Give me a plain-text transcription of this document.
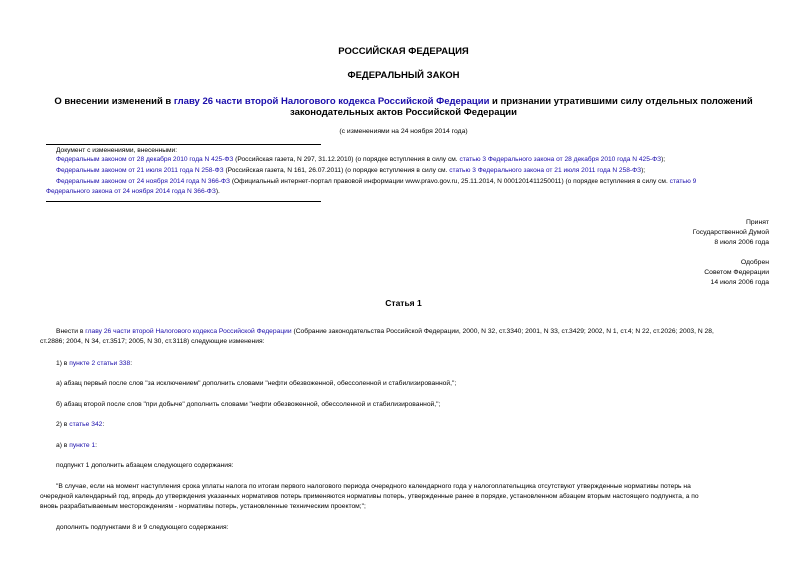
РОССИЙСКАЯ ФЕДЕРАЦИЯ
ФЕДЕРАЛЬНЫЙ ЗАКОН
О внесении изменений в главу 26 части второй Налогового кодекса Российской Федерации и признании утратившими силу отдельных положений
законодательных актов Российской Федерации
(с изменениями на 24 ноября 2014 года)
Документ с изменениями, внесенными:
Федеральным законом от 28 декабря 2010 года N 425-ФЗ (Российская газета, N 297, 31.12.2010) (о порядке вступления в силу см. статью 3 Федерального закона от 28 декабря 2010 года N 425-ФЗ);
Федеральным законом от 21 июля 2011 года N 258-ФЗ (Российская газета, N 161, 26.07.2011) (о порядке вступления в силу см. статью 3 Федерального закона от 21 июля 2011 года N 258-ФЗ);
Федеральным законом от 24 ноября 2014 года N 366-ФЗ (Официальный интернет-портал правовой информации www.pravo.gov.ru, 25.11.2014, N 0001201411250011) (о порядке вступления в силу см. статью 9
Федерального закона от 24 ноября 2014 года N 366-ФЗ).
Принят
Государственной Думой
8 июля 2006 года
Одобрен
Советом Федерации
14 июля 2006 года
Статья 1
Внести в главу 26 части второй Налогового кодекса Российской Федерации (Собрание законодательства Российской Федерации, 2000, N 32, ст.3340; 2001, N 33, ст.3429; 2002, N 1, ст.4; N 22, ст.2026; 2003, N 28,
ст.2886; 2004, N 34, ст.3517; 2005, N 30, ст.3118) следующие изменения:
1) в пункте 2 статьи 338:
а) абзац первый после слов "за исключением" дополнить словами "нефти обезвоженной, обессоленной и стабилизированной,";
б) абзац второй после слов "при добыче" дополнить словами "нефти обезвоженной, обессоленной и стабилизированной,";
2) в статье 342:
а) в пункте 1:
подпункт 1 дополнить абзацем следующего содержания:
"В случае, если на момент наступления срока уплаты налога по итогам первого налогового периода очередного календарного года у налогоплательщика отсутствуют утвержденные нормативы потерь на
очередной календарный год, впредь до утверждения указанных нормативов потерь применяются нормативы потерь, утвержденные ранее в порядке, установленном абзацем вторым настоящего подпункта, а по
вновь разрабатываемым месторождениям - нормативы потерь, установленные техническим проектом;";
дополнить подпунктами 8 и 9 следующего содержания:
